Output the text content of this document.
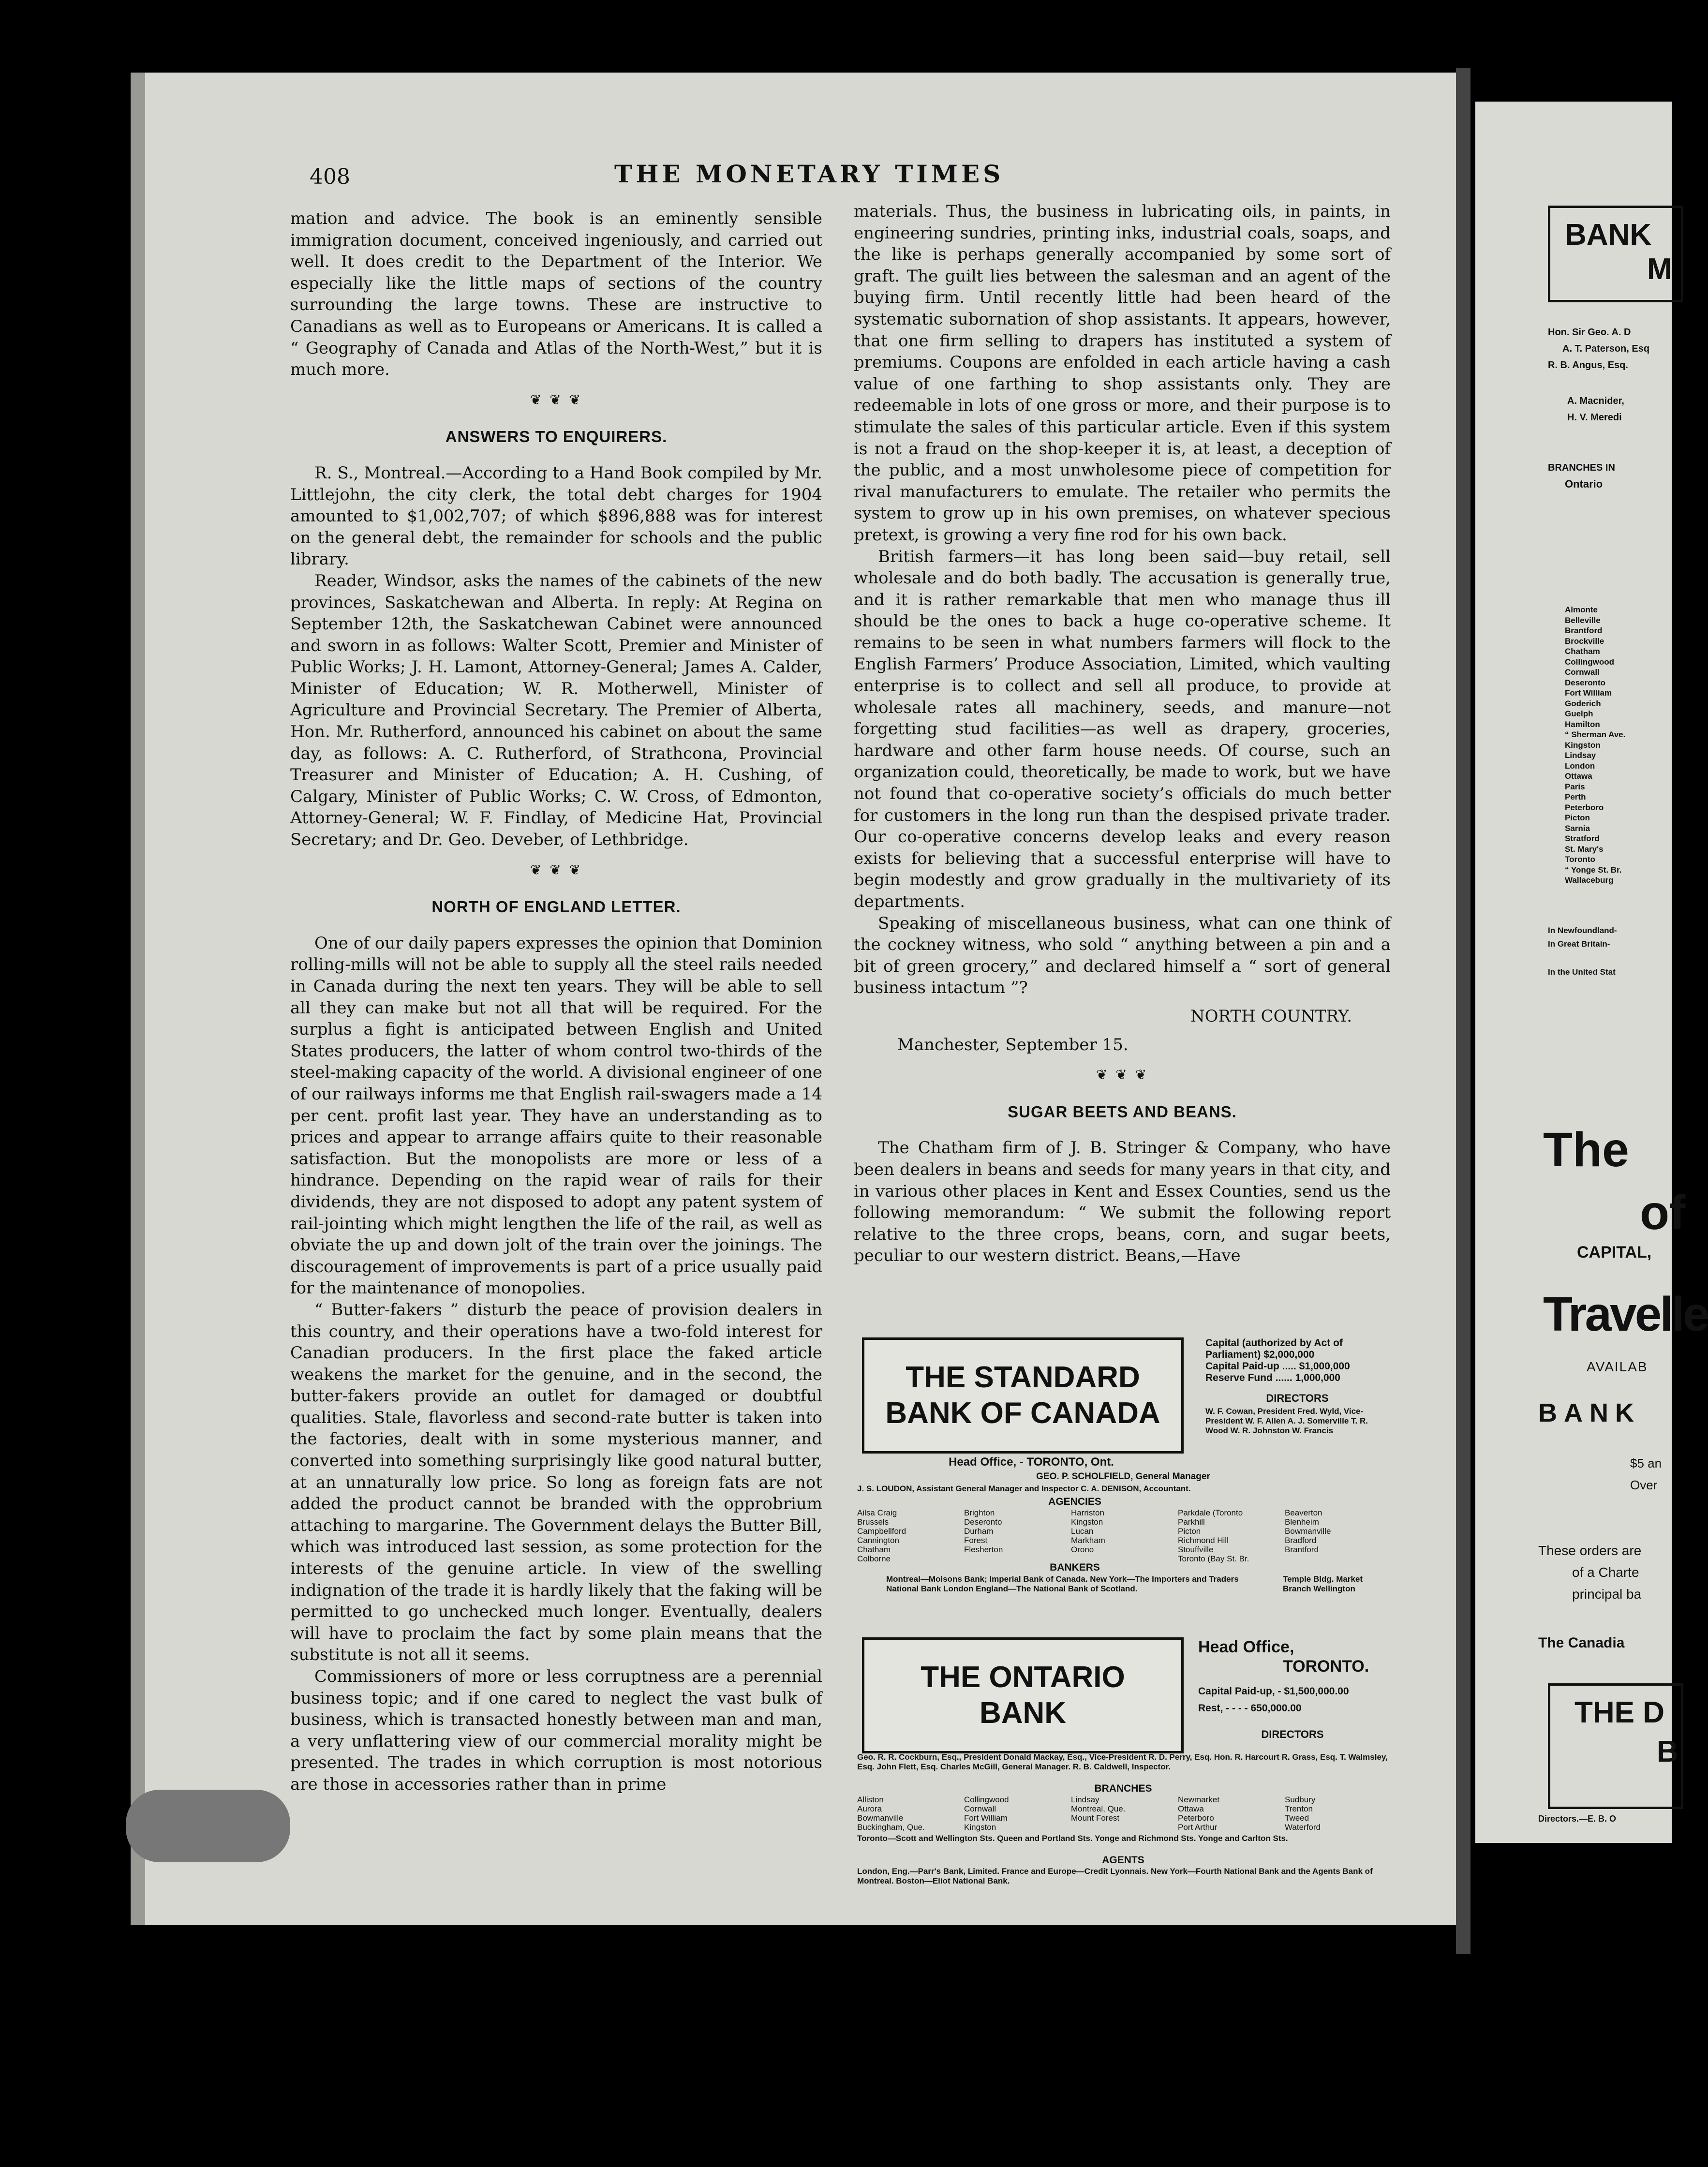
BANK
M
Hon. Sir Geo. A. D
A. T. Paterson, Esq
R. B. Angus, Esq.
A. Macnider,
H. V. Meredi
BRANCHES IN
Ontario
Almonte
Belleville
Brantford
Brockville
Chatham
Collingwood
Cornwall
Deseronto
Fort William
Goderich
Guelph
Hamilton
“ Sherman Ave.
Kingston
Lindsay
London
Ottawa
Paris
Perth
Peterboro
Picton
Sarnia
Stratford
St. Mary's
Toronto
“ Yonge St. Br.
Wallaceburg
In Newfoundland-
In Great Britain-
In the United Stat
The
of
CAPITAL,
Travelle
AVAILAB
BANK
$5 an
Over
These orders are
of a Charte
principal ba
The Canadia
THE D
B
Directors.—E. B. O
408	THE MONETARY TIMES

mation and advice. The book is an eminently sensible immigration document, conceived ingeniously, and carried out well. It does credit to the Department of the Interior. We especially like the little maps of sections of the country surrounding the large towns. These are instructive to Canadians as well as to Europeans or Americans. It is called a “ Geography of Canada and Atlas of the North-West,” but it is much more.

❦ ❦ ❦
ANSWERS TO ENQUIRERS.

R. S., Montreal.—According to a Hand Book compiled by Mr. Littlejohn, the city clerk, the total debt charges for 1904 amounted to $1,002,707; of which $896,888 was for interest on the general debt, the remainder for schools and the public library.

Reader, Windsor, asks the names of the cabinets of the new provinces, Saskatchewan and Alberta. In reply: At Regina on September 12th, the Saskatchewan Cabinet were announced and sworn in as follows: Walter Scott, Premier and Minister of Public Works; J. H. Lamont, Attorney-General; James A. Calder, Minister of Education; W. R. Motherwell, Minister of Agriculture and Provincial Secretary. The Premier of Alberta, Hon. Mr. Rutherford, announced his cabinet on about the same day, as follows: A. C. Rutherford, of Strathcona, Provincial Treasurer and Minister of Education; A. H. Cushing, of Calgary, Minister of Public Works; C. W. Cross, of Edmonton, Attorney-General; W. F. Findlay, of Medicine Hat, Provincial Secretary; and Dr. Geo. Deveber, of Lethbridge.

❦ ❦ ❦
NORTH OF ENGLAND LETTER.

One of our daily papers expresses the opinion that Dominion rolling-mills will not be able to supply all the steel rails needed in Canada during the next ten years. They will be able to sell all they can make but not all that will be required. For the surplus a fight is anticipated between English and United States producers, the latter of whom control two-thirds of the steel-making capacity of the world. A divisional engineer of one of our railways informs me that English rail-swagers made a 14 per cent. profit last year. They have an understanding as to prices and appear to arrange affairs quite to their reasonable satisfaction. But the monopolists are more or less of a hindrance. Depending on the rapid wear of rails for their dividends, they are not disposed to adopt any patent system of rail-jointing which might lengthen the life of the rail, as well as obviate the up and down jolt of the train over the joinings. The discouragement of improvements is part of a price usually paid for the maintenance of monopolies.

“ Butter-fakers ” disturb the peace of provision dealers in this country, and their operations have a two-fold interest for Canadian producers. In the first place the faked article weakens the market for the genuine, and in the second, the butter-fakers provide an outlet for damaged or doubtful qualities. Stale, flavorless and second-rate butter is taken into the factories, dealt with in some mysterious manner, and converted into something surprisingly like good natural butter, at an unnaturally low price. So long as foreign fats are not added the product cannot be branded with the opprobrium attaching to margarine. The Government delays the Butter Bill, which was introduced last session, as some protection for the interests of the genuine article. In view of the swelling indignation of the trade it is hardly likely that the faking will be permitted to go unchecked much longer. Eventually, dealers will have to proclaim the fact by some plain means that the substitute is not all it seems.

Commissioners of more or less corruptness are a perennial business topic; and if one cared to neglect the vast bulk of business, which is transacted honestly between man and man, a very unflattering view of our commercial morality might be presented. The trades in which corruption is most notorious are those in accessories rather than in prime

materials. Thus, the business in lubricating oils, in paints, in engineering sundries, printing inks, industrial coals, soaps, and the like is perhaps generally accompanied by some sort of graft. The guilt lies between the salesman and an agent of the buying firm. Until recently little had been heard of the systematic subornation of shop assistants. It appears, however, that one firm selling to drapers has instituted a system of premiums. Coupons are enfolded in each article having a cash value of one farthing to shop assistants only. They are redeemable in lots of one gross or more, and their purpose is to stimulate the sales of this particular article. Even if this system is not a fraud on the shop-keeper it is, at least, a deception of the public, and a most unwholesome piece of competition for rival manufacturers to emulate. The retailer who permits the system to grow up in his own premises, on whatever specious pretext, is growing a very fine rod for his own back.

British farmers—it has long been said—buy retail, sell wholesale and do both badly. The accusation is generally true, and it is rather remarkable that men who manage thus ill should be the ones to back a huge co-operative scheme. It remains to be seen in what numbers farmers will flock to the English Farmers’ Produce Association, Limited, which vaulting enterprise is to collect and sell all produce, to provide at wholesale rates all machinery, seeds, and manure—not forgetting stud facilities—as well as drapery, groceries, hardware and other farm house needs. Of course, such an organization could, theoretically, be made to work, but we have not found that co-operative society’s officials do much better for customers in the long run than the despised private trader. Our co-operative concerns develop leaks and every reason exists for believing that a successful enterprise will have to begin modestly and grow gradually in the multivariety of its departments.

Speaking of miscellaneous business, what can one think of the cockney witness, who sold “ anything between a pin and a bit of green grocery,” and declared himself a “ sort of general business intactum ”?

NORTH COUNTRY.
Manchester, September 15.
❦ ❦ ❦
SUGAR BEETS AND BEANS.

The Chatham firm of J. B. Stringer & Company, who have been dealers in beans and seeds for many years in that city, and in various other places in Kent and Essex Counties, send us the following memorandum: “ We submit the following report relative to the three crops, beans, corn, and sugar beets, peculiar to our western district. Beans,—Have

THE STANDARD
BANK OF CANADA
Capital (authorized by Act of Parliament) $2,000,000
Capital Paid-up ..... $1,000,000
Reserve Fund ...... 1,000,000
DIRECTORS
W. F. Cowan, President Fred. Wyld, Vice-President W. F. Allen A. J. Somerville T. R. Wood W. R. Johnston W. Francis
Head Office, - TORONTO, Ont.
GEO. P. SCHOLFIELD, General Manager
J. S. LOUDON, Assistant General Manager and Inspector C. A. DENISON, Accountant.
AGENCIES
Ailsa Craig	Brighton	Harriston	Parkdale (Toronto	Beaverton
Brussels	Deseronto	Kingston	Parkhill	Blenheim
Campbellford	Durham	Lucan	Picton	Bowmanville
Cannington	Forest	Markham	Richmond Hill	Bradford
Chatham	Flesherton	Orono	Stouffville	Brantford
Colborne	Toronto (Bay St. Br.
BANKERS
Montreal—Molsons Bank; Imperial Bank of Canada. New York—The Importers and Traders National Bank London England—The National Bank of Scotland.
Temple Bldg. Market Branch Wellington
THE ONTARIO
BANK
Head Office,
TORONTO.
Capital Paid-up, - $1,500,000.00
Rest, - - - - 650,000.00
DIRECTORS
Geo. R. R. Cockburn, Esq., President Donald Mackay, Esq., Vice-President R. D. Perry, Esq. Hon. R. Harcourt R. Grass, Esq. T. Walmsley, Esq. John Flett, Esq. Charles McGill, General Manager. R. B. Caldwell, Inspector.
BRANCHES
Alliston	Collingwood	Lindsay	Newmarket	Sudbury
Aurora	Cornwall	Montreal, Que.	Ottawa	Trenton
Bowmanville	Fort William	Mount Forest	Peterboro	Tweed
Buckingham, Que.	Kingston	Port Arthur	Waterford
Toronto—Scott and Wellington Sts. Queen and Portland Sts. Yonge and Richmond Sts. Yonge and Carlton Sts.
AGENTS
London, Eng.—Parr's Bank, Limited. France and Europe—Credit Lyonnais. New York—Fourth National Bank and the Agents Bank of Montreal. Boston—Eliot National Bank.
